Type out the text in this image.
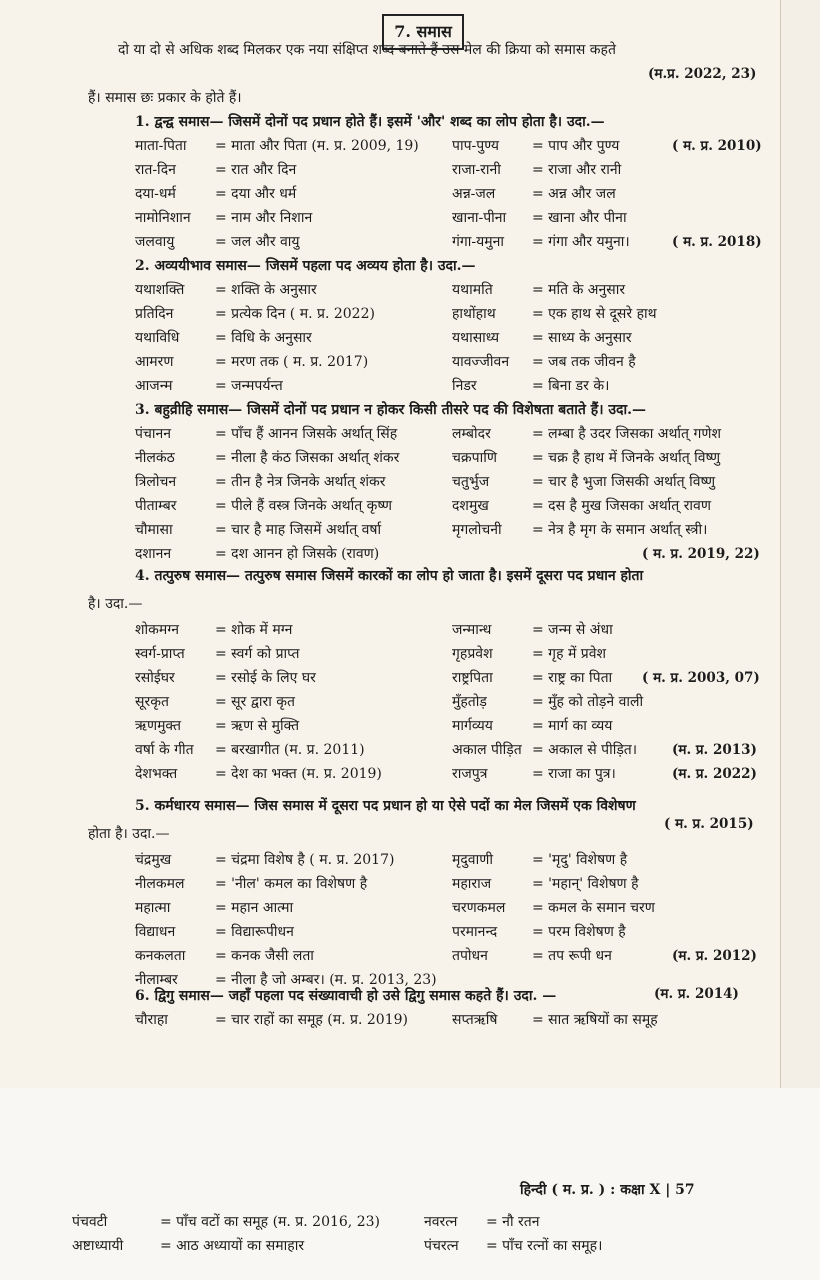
7. समास
दो या दो से अधिक शब्द मिलकर एक नया संक्षिप्त शब्द बनाते हैं उस मेल की क्रिया को समास कहते
(म.प्र. 2022, 23)
हैं। समास छः प्रकार के होते हैं।
1. द्वन्द्व समास— जिसमें दोनों पद प्रधान होते हैं। इसमें 'और' शब्द का लोप होता है। उदा.—
माता-पिता = माता और पिता (म. प्र. 2009, 19) पाप-पुण्य = पाप और पुण्य	( म. प्र. 2010)
रात-दिन	= रात और दिन	राजा-रानी = राजा और रानी
दया-धर्म	= दया और धर्म	अन्न-जल	= अन्न और जल
नामोनिशान = नाम और निशान	खाना-पीना = खाना और पीना
जलवायु	= जल और वायु	गंगा-यमुना = गंगा और यमुना।	( म. प्र. 2018)
2. अव्ययीभाव समास— जिसमें पहला पद अव्यय होता है। उदा.—
यथाशक्ति = शक्ति के अनुसार	यथामति	= मति के अनुसार
प्रतिदिन	= प्रत्येक दिन ( म. प्र. 2022)	हाथोंहाथ	= एक हाथ से दूसरे हाथ
यथाविधि	= विधि के अनुसार	यथासाध्य = साध्य के अनुसार
आमरण	= मरण तक ( म. प्र. 2017)	यावज्जीवन = जब तक जीवन है
आजन्म	= जन्मपर्यन्त	निडर	= बिना डर के।
3. बहुव्रीहि समास— जिसमें दोनों पद प्रधान न होकर किसी तीसरे पद की विशेषता बताते हैं। उदा.—
पंचानन	= पाँच हैं आनन जिसके अर्थात् सिंह	लम्बोदर	= लम्बा है उदर जिसका अर्थात् गणेश
नीलकंठ	= नीला है कंठ जिसका अर्थात् शंकर	चक्रपाणि	= चक्र है हाथ में जिनके अर्थात् विष्णु
त्रिलोचन	= तीन है नेत्र जिनके अर्थात् शंकर	चतुर्भुज	= चार है भुजा जिसकी अर्थात् विष्णु
पीताम्बर	= पीले हैं वस्त्र जिनके अर्थात् कृष्ण	दशमुख	= दस है मुख जिसका अर्थात् रावण
चौमासा	= चार है माह जिसमें अर्थात् वर्षा	मृगलोचनी = नेत्र है मृग के समान अर्थात् स्त्री।
दशानन	= दश आनन हो जिसके (रावण)	( म. प्र. 2019, 22)
4. तत्पुरुष समास— तत्पुरुष समास जिसमें कारकों का लोप हो जाता है। इसमें दूसरा पद प्रधान होता
है। उदा.—
शोकमग्न	= शोक में मग्न	जन्मान्ध	= जन्म से अंधा
स्वर्ग-प्राप्त = स्वर्ग को प्राप्त	गृहप्रवेश	= गृह में प्रवेश
रसोईघर	= रसोई के लिए घर	राष्ट्रपिता	= राष्ट्र का पिता ( म. प्र. 2003, 07)
सूरकृत	= सूर द्वारा कृत	मुँहतोड़	= मुँह को तोड़ने वाली
ऋणमुक्त = ऋण से मुक्ति	मार्गव्यय	= मार्ग का व्यय
वर्षा के गीत = बरखागीत (म. प्र. 2011)	अकाल पीड़ित = अकाल से पीड़ित।	(म. प्र. 2013)
देशभक्त	= देश का भक्त (म. प्र. 2019)	राजपुत्र	= राजा का पुत्र।	(म. प्र. 2022)
5. कर्मधारय समास— जिस समास में दूसरा पद प्रधान हो या ऐसे पदों का मेल जिसमें एक विशेषण
होता है। उदा.—
( म. प्र. 2015)
चंद्रमुख	= चंद्रमा विशेष है ( म. प्र. 2017)	मृदुवाणी	= 'मृदु' विशेषण है
नीलकमल = 'नील' कमल का विशेषण है	महाराज	= 'महान्' विशेषण है
महात्मा	= महान आत्मा	चरणकमल = कमल के समान चरण
विद्याधन	= विद्यारूपीधन	परमानन्द = परम विशेषण है
कनकलता = कनक जैसी लता	तपोधन	= तप रूपी धन	(म. प्र. 2012)
नीलाम्बर	= नीला है जो अम्बर। (म. प्र. 2013, 23)
6. द्विगु समास— जहाँ पहला पद संख्यावाची हो उसे द्विगु समास कहते हैं। उदा. —	(म. प्र. 2014)
चौराहा	= चार राहों का समूह (म. प्र. 2019)	सप्तऋषि = सात ऋषियों का समूह
हिन्दी ( म. प्र. ) : कक्षा X | 57
पंचवटी	= पाँच वटों का समूह (म. प्र. 2016, 23)	नवरत्न = नौ रतन
अष्टाध्यायी	= आठ अध्यायों का समाहार	पंचरत्न = पाँच रत्नों का समूह।
